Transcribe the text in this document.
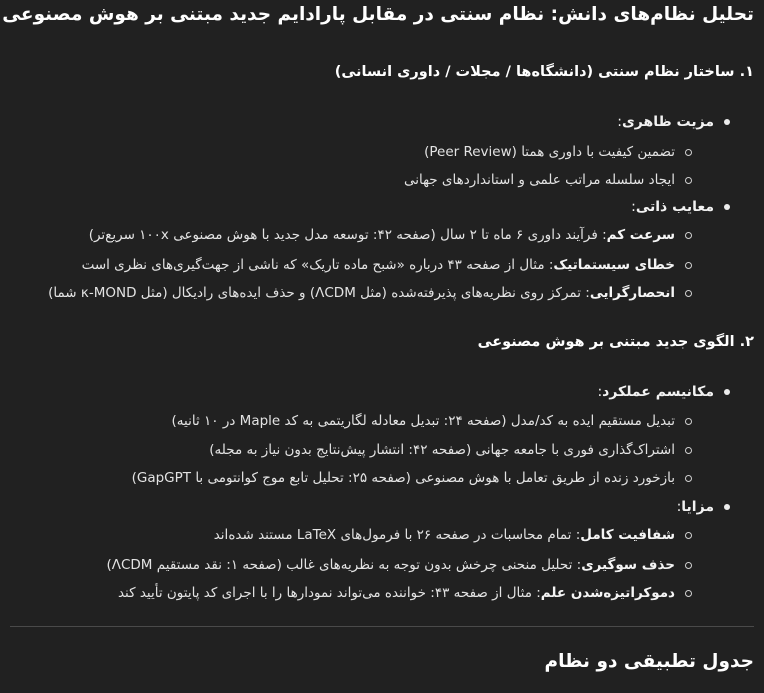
تحلیل نظام‌های دانش: نظام سنتی در مقابل پارادایم جدید مبتنی بر هوش مصنوعی
۱. ساختار نظام سنتی (دانشگاه‌ها / مجلات / داوری انسانی)
مزیت ظاهری
:
تضمین کیفیت با داوری همتا (Peer Review)
ایجاد سلسله مراتب علمی و استانداردهای جهانی
معایب ذاتی
:
سرعت کم
:
فرآیند داوری ۶ ماه تا ۲ سال (صفحه ۴۲: توسعه مدل جدید با هوش مصنوعی ۱۰۰x سریع‌تر)
خطای سیستماتیک
:
مثال از صفحه ۴۳ درباره «شبح ماده تاریک» که ناشی از جهت‌گیری‌های نظری است
انحصارگرایی
:
تمرکز روی نظریه‌های پذیرفته‌شده (مثل ΛCDM) و حذف ایده‌های رادیکال (مثل κ-MOND شما)
۲. الگوی جدید مبتنی بر هوش مصنوعی
مکانیسم عملکرد
:
تبدیل مستقیم ایده به کد/مدل (صفحه ۲۴: تبدیل معادله لگاریتمی به کد Maple در ۱۰ ثانیه)
اشتراک‌گذاری فوری با جامعه جهانی (صفحه ۴۲: انتشار پیش‌نتایج بدون نیاز به مجله)
بازخورد زنده از طریق تعامل با هوش مصنوعی (صفحه ۲۵: تحلیل تابع موج کوانتومی با GapGPT)
مزایا
:
شفافیت کامل
:
تمام محاسبات در صفحه ۲۶ با فرمول‌های LaTeX مستند شده‌اند
حذف سوگیری
:
تحلیل منحنی چرخش بدون توجه به نظریه‌های غالب (صفحه ۱: نقد مستقیم ΛCDM)
دموکراتیزه‌شدن علم
:
مثال از صفحه ۴۳: خواننده می‌تواند نمودارها را با اجرای کد پایتون تأیید کند
جدول تطبیقی دو نظام
